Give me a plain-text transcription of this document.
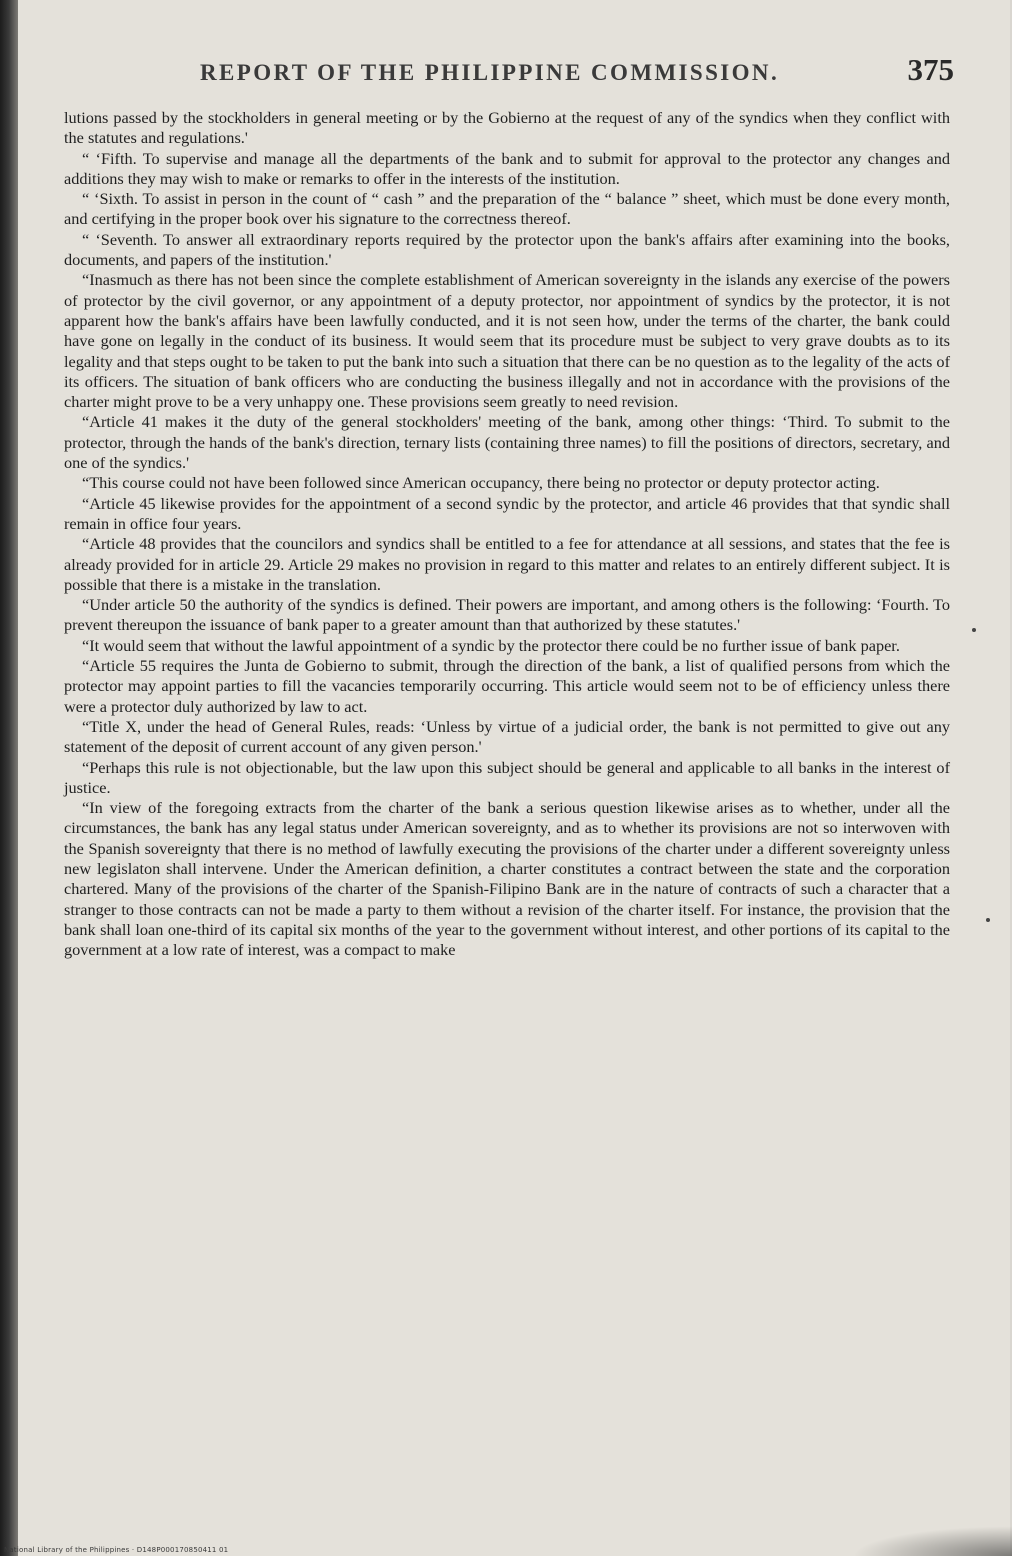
REPORT OF THE PHILIPPINE COMMISSION.	375

lutions passed by the stockholders in general meeting or by the Gobierno at the request of any of the syndics when they conflict with the statutes and regulations.'

“ ‘Fifth. To supervise and manage all the departments of the bank and to submit for approval to the protector any changes and additions they may wish to make or remarks to offer in the interests of the institution.

“ ‘Sixth. To assist in person in the count of “ cash ” and the preparation of the “ balance ” sheet, which must be done every month, and certifying in the proper book over his signature to the correctness thereof.

“ ‘Seventh. To answer all extraordinary reports required by the protector upon the bank's affairs after examining into the books, documents, and papers of the institution.'

“Inasmuch as there has not been since the complete establishment of American sovereignty in the islands any exercise of the powers of protector by the civil governor, or any appointment of a deputy protector, nor appointment of syndics by the protector, it is not apparent how the bank's affairs have been lawfully conducted, and it is not seen how, under the terms of the charter, the bank could have gone on legally in the conduct of its business. It would seem that its procedure must be subject to very grave doubts as to its legality and that steps ought to be taken to put the bank into such a situation that there can be no question as to the legality of the acts of its officers. The situation of bank officers who are conducting the business illegally and not in accordance with the provisions of the charter might prove to be a very unhappy one. These provisions seem greatly to need revision.

“Article 41 makes it the duty of the general stockholders' meeting of the bank, among other things: ‘Third. To submit to the protector, through the hands of the bank's direction, ternary lists (containing three names) to fill the positions of directors, secretary, and one of the syndics.'

“This course could not have been followed since American occupancy, there being no protector or deputy protector acting.

“Article 45 likewise provides for the appointment of a second syndic by the protector, and article 46 provides that that syndic shall remain in office four years.

“Article 48 provides that the councilors and syndics shall be entitled to a fee for attendance at all sessions, and states that the fee is already provided for in article 29. Article 29 makes no provision in regard to this matter and relates to an entirely different subject. It is possible that there is a mistake in the translation.

“Under article 50 the authority of the syndics is defined. Their powers are important, and among others is the following: ‘Fourth. To prevent thereupon the issuance of bank paper to a greater amount than that authorized by these statutes.'

“It would seem that without the lawful appointment of a syndic by the protector there could be no further issue of bank paper.

“Article 55 requires the Junta de Gobierno to submit, through the direction of the bank, a list of qualified persons from which the protector may appoint parties to fill the vacancies temporarily occurring. This article would seem not to be of efficiency unless there were a protector duly authorized by law to act.

“Title X, under the head of General Rules, reads: ‘Unless by virtue of a judicial order, the bank is not permitted to give out any statement of the deposit of current account of any given person.'

“Perhaps this rule is not objectionable, but the law upon this subject should be general and applicable to all banks in the interest of justice.

“In view of the foregoing extracts from the charter of the bank a serious question likewise arises as to whether, under all the circumstances, the bank has any legal status under American sovereignty, and as to whether its provisions are not so interwoven with the Spanish sovereignty that there is no method of lawfully executing the provisions of the charter under a different sovereignty unless new legislaton shall intervene. Under the American definition, a charter constitutes a contract between the state and the corporation chartered. Many of the provisions of the charter of the Spanish-Filipino Bank are in the nature of contracts of such a character that a stranger to those contracts can not be made a party to them without a revision of the charter itself. For instance, the provision that the bank shall loan one-third of its capital six months of the year to the government without interest, and other portions of its capital to the government at a low rate of interest, was a compact to make

National Library of the Philippines · D148P000170850411 01
